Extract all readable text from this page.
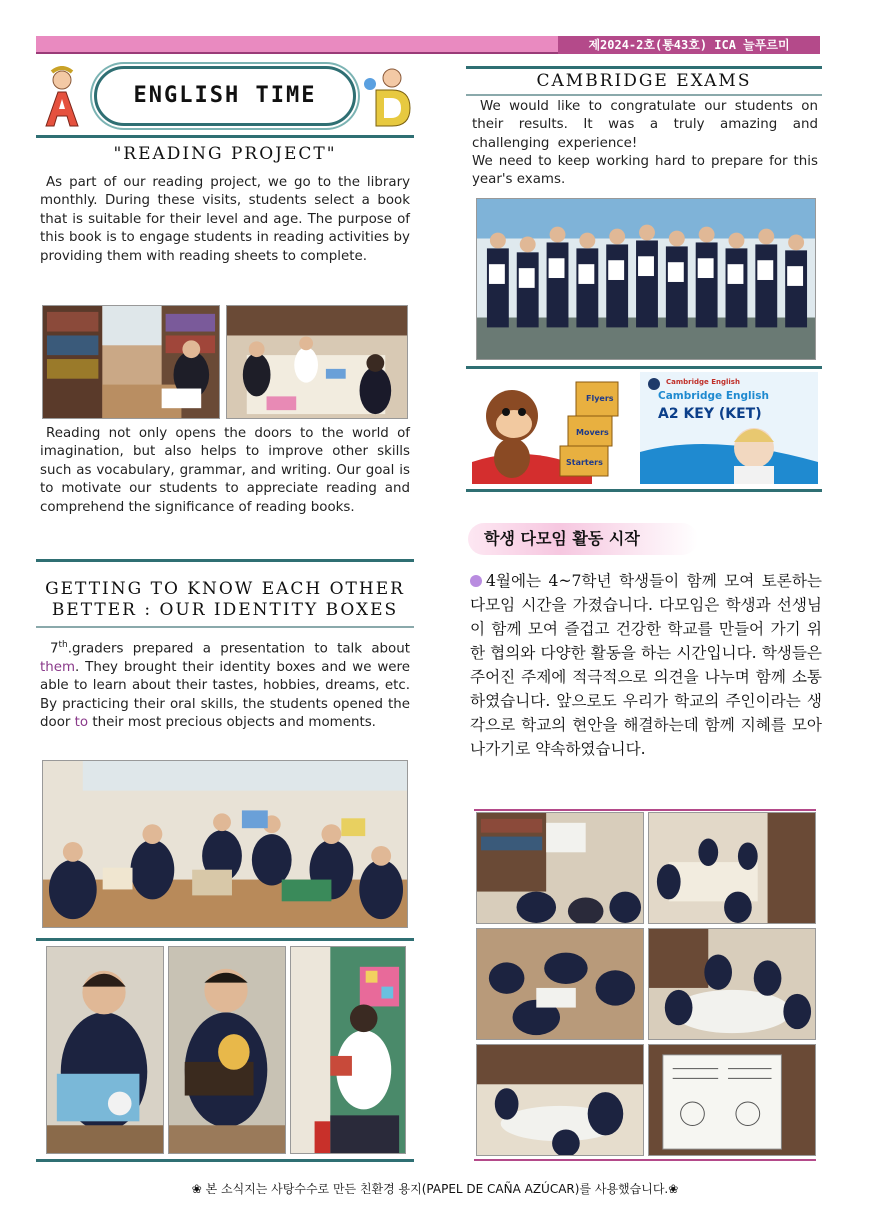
제2024-2호(통43호) ICA 늘푸르미
ENGLISH TIME
"READING PROJECT"
As part of our reading project, we go to the library monthly. During these visits, students select a book that is suitable for their level and age. The purpose of this book is to engage students in reading activities by providing them with reading sheets to complete.
Reading not only opens the doors to the world of imagination, but also helps to improve other skills such as vocabulary, grammar, and writing. Our goal is to motivate our students to appreciate reading and comprehend the significance of reading books.
GETTING TO KNOW EACH OTHER
BETTER : OUR IDENTITY BOXES
7th.graders prepared a presentation to talk about them. They brought their identity boxes and we were able to learn about their tastes, hobbies, dreams, etc. By practicing their oral skills, the students opened the door to their most precious objects and moments.
CAMBRIDGE EXAMS
We would like to congratulate our students on their results. It was a truly amazing and challenging experience!
We need to keep working hard to prepare for this year's exams.
Flyers
Movers
Starters
Cambridge English
Cambridge English
A2 KEY (KET)
학생 다모임 활동 시작
4월에는 4~7학년 학생들이 함께 모여 토론하는 다모임 시간을 가졌습니다. 다모임은 학생과 선생님이 함께 모여 즐겁고 건강한 학교를 만들어 가기 위한 협의와 다양한 활동을 하는 시간입니다. 학생들은 주어진 주제에 적극적으로 의견을 나누며 함께 소통하였습니다. 앞으로도 우리가 학교의 주인이라는 생각으로 학교의 현안을 해결하는데 함께 지혜를 모아나가기로 약속하였습니다.
❀ 본 소식지는 사탕수수로 만든 친환경 용지(PAPEL DE CAÑA AZÚCAR)를 사용했습니다.❀
